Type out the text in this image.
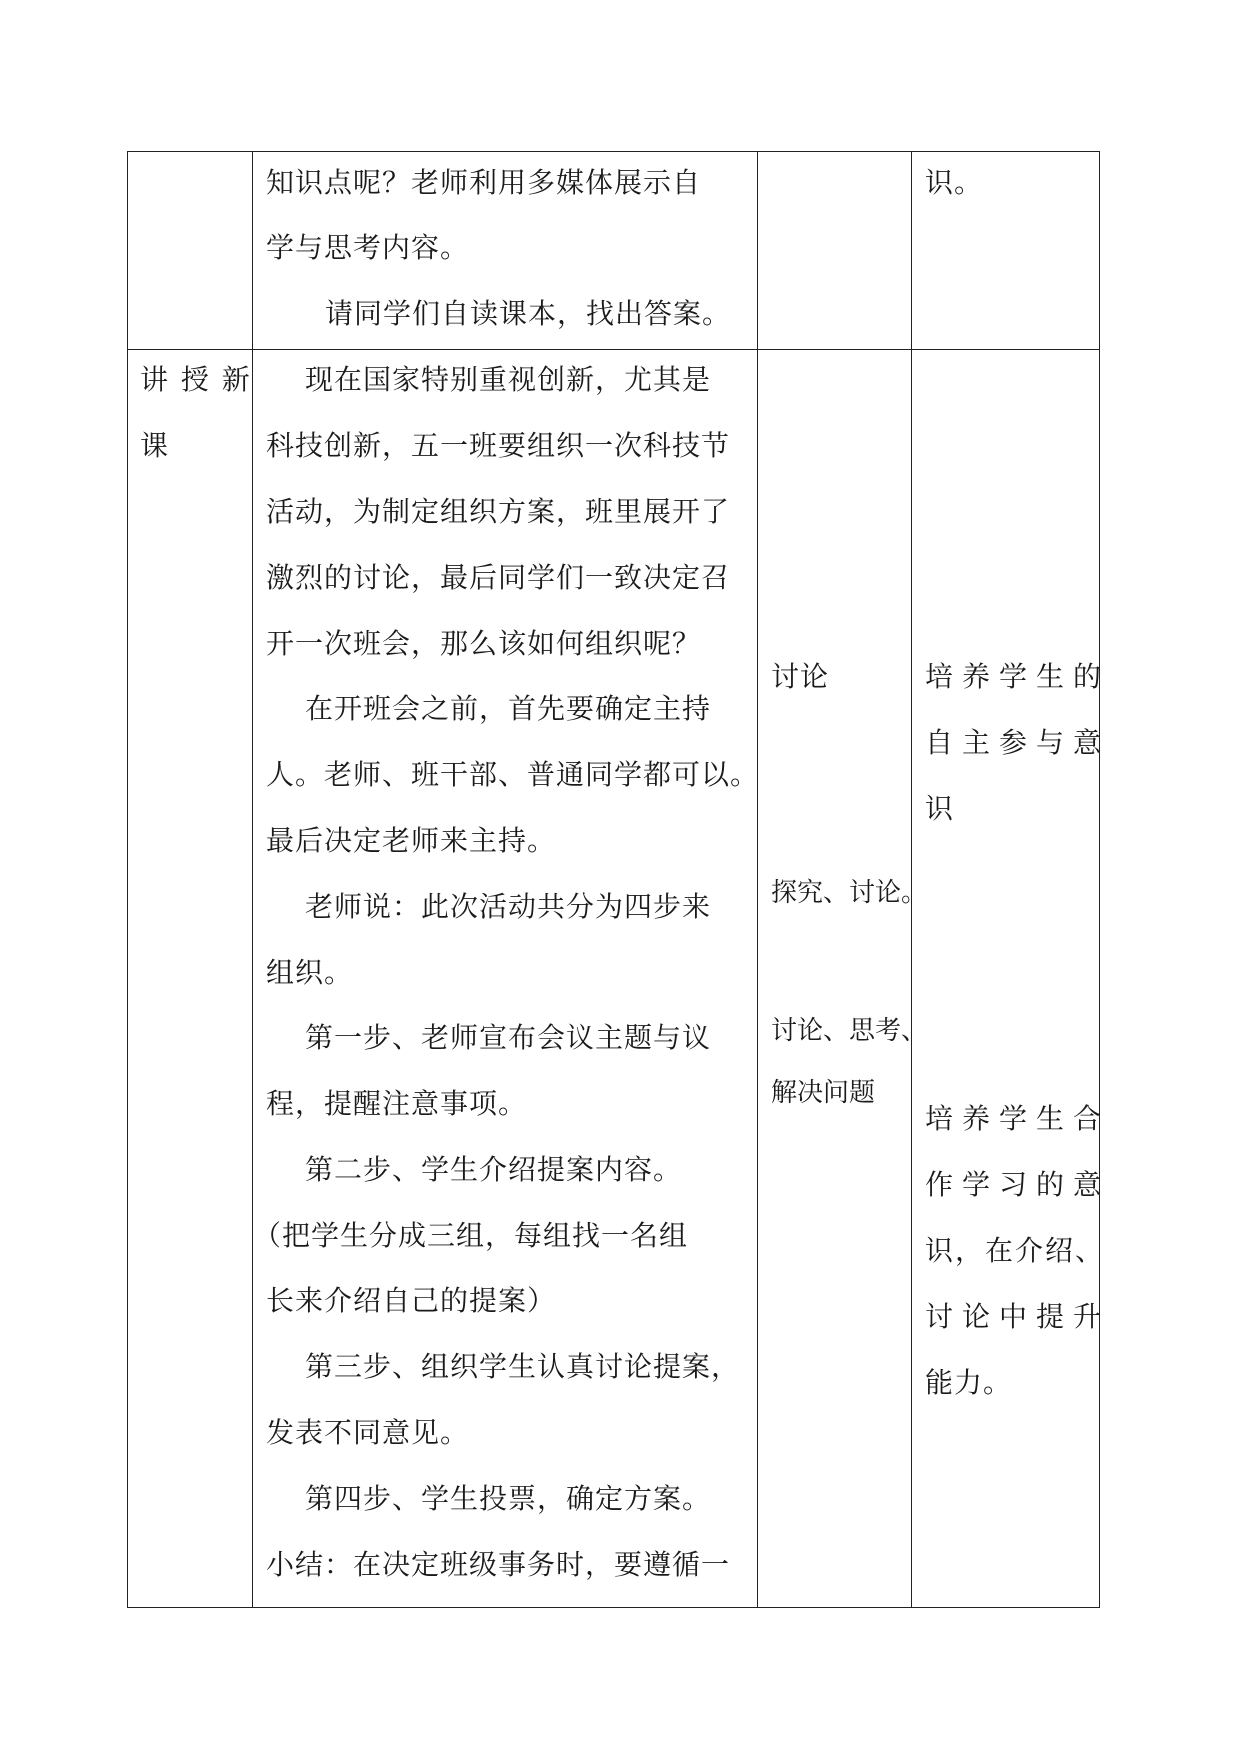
知识点呢？老师利用多媒体展示自
学与思考内容。
请同学们自读课本，找出答案。
识。
讲 授 新
课
现在国家特别重视创新，尤其是
科技创新，五一班要组织一次科技节
活动，为制定组织方案，班里展开了
激烈的讨论，最后同学们一致决定召
开一次班会，那么该如何组织呢？
在开班会之前，首先要确定主持
人。老师、班干部、普通同学都可以。
最后决定老师来主持。
老师说：此次活动共分为四步来
组织。
第一步、老师宣布会议主题与议
程，提醒注意事项。
第二步、学生介绍提案内容。
（把学生分成三组，每组找一名组
长来介绍自己的提案）
第三步、组织学生认真讨论提案，
发表不同意见。
第四步、学生投票，确定方案。
小结：在决定班级事务时，要遵循一
讨论
探究、讨论。
讨论、思考、
解决问题
培养学生的
自主参与意
识
培养学生合
作学习的意
识，在介绍、
讨论中提升
能力。
